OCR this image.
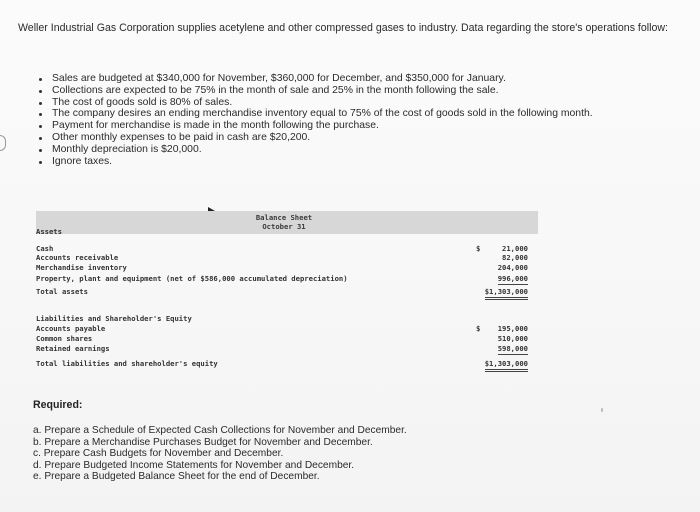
Weller Industrial Gas Corporation supplies acetylene and other compressed gases to industry. Data regarding the store's operations follow:
Sales are budgeted at $340,000 for November, $360,000 for December, and $350,000 for January.
Collections are expected to be 75% in the month of sale and 25% in the month following the sale.
The cost of goods sold is 80% of sales.
The company desires an ending merchandise inventory equal to 75% of the cost of goods sold in the following month.
Payment for merchandise is made in the month following the purchase.
Other monthly expenses to be paid in cash are $20,200.
Monthly depreciation is $20,000.
Ignore taxes.
Balance Sheet
October 31
Assets
Cash	$	21,000
Accounts receivable	82,000
Merchandise inventory	204,000
Property, plant and equipment (net of $586,000 accumulated depreciation)	996,000
Total assets	$1,303,000
Liabilities and Shareholder's Equity
Accounts payable	$ 195,000
Common shares	510,000
Retained earnings	598,000
Total liabilities and shareholder's equity	$1,303,000
Required:
a. Prepare a Schedule of Expected Cash Collections for November and December.
b. Prepare a Merchandise Purchases Budget for November and December.
c. Prepare Cash Budgets for November and December.
d. Prepare Budgeted Income Statements for November and December.
e. Prepare a Budgeted Balance Sheet for the end of December.
